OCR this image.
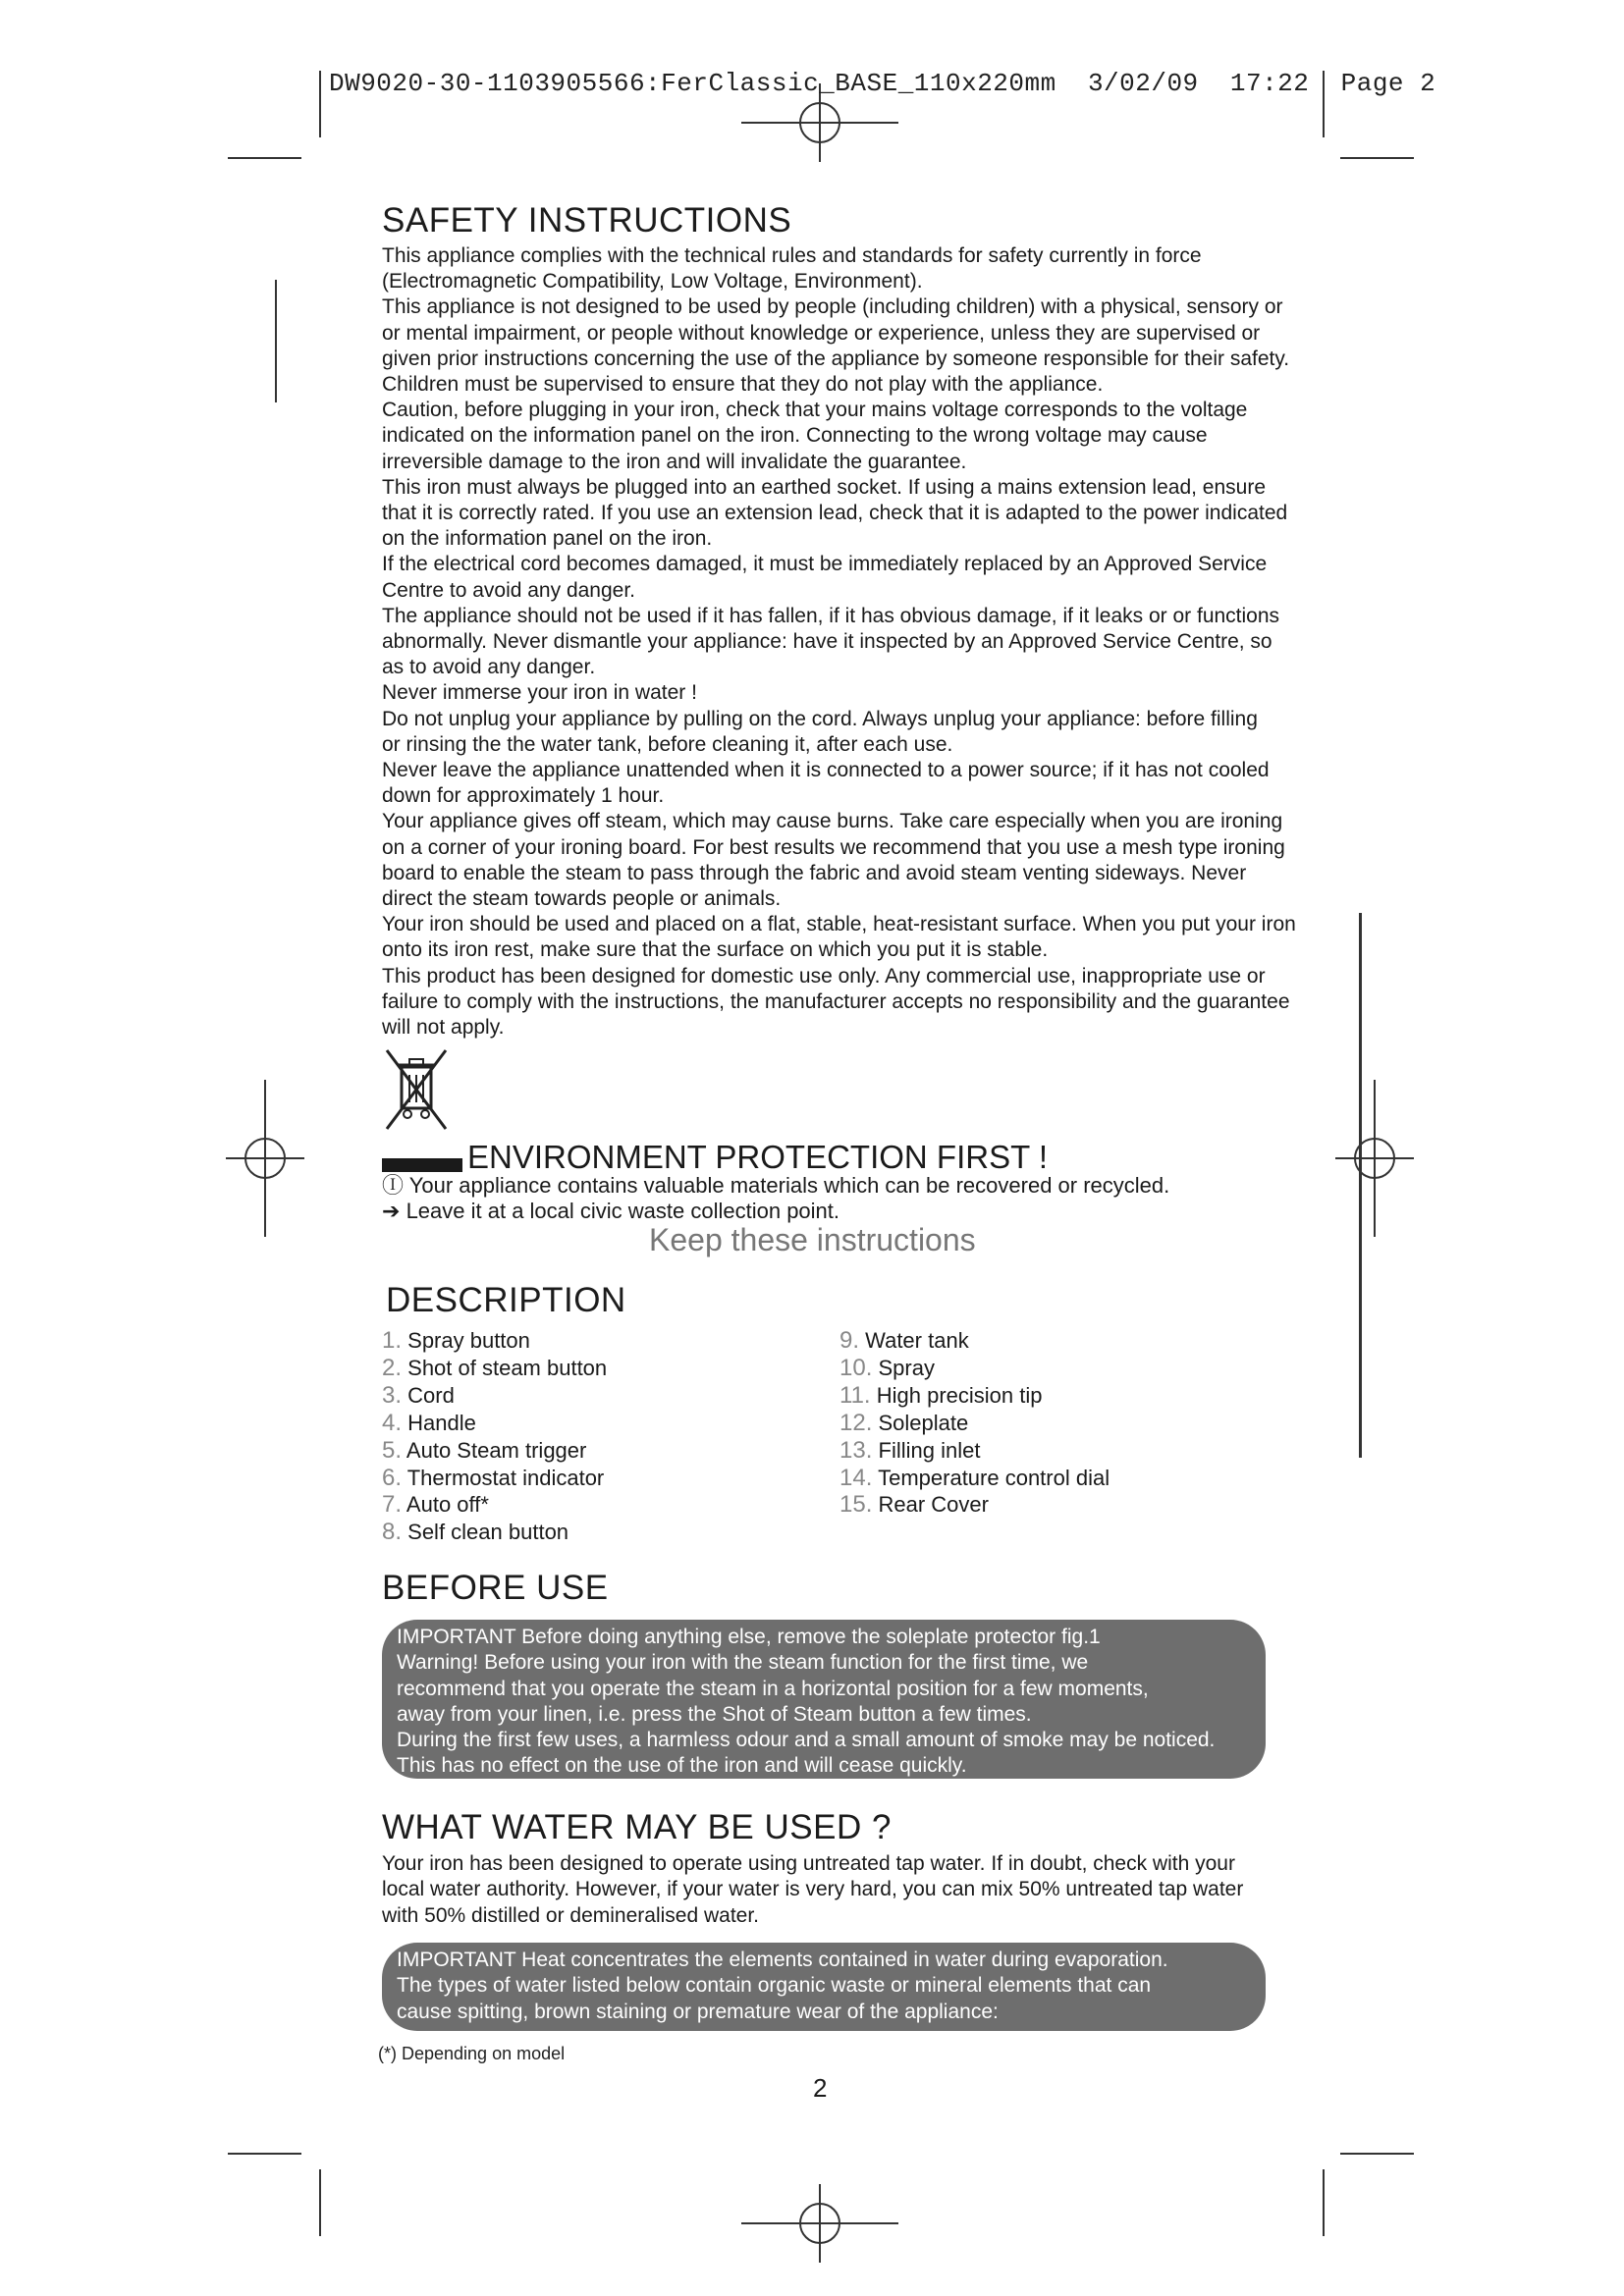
DW9020-30-1103905566:FerClassic_BASE_110x220mm 3/02/09 17:22 Page 2
SAFETY INSTRUCTIONS
This appliance complies with the technical rules and standards for safety currently in force
(Electromagnetic Compatibility, Low Voltage, Environment).
This appliance is not designed to be used by people (including children) with a physical, sensory or
or mental impairment, or people without knowledge or experience, unless they are supervised or
given prior instructions concerning the use of the appliance by someone responsible for their safety.
Children must be supervised to ensure that they do not play with the appliance.
Caution, before plugging in your iron, check that your mains voltage corresponds to the voltage
indicated on the information panel on the iron. Connecting to the wrong voltage may cause
irreversible damage to the iron and will invalidate the guarantee.
This iron must always be plugged into an earthed socket. If using a mains extension lead, ensure
that it is correctly rated. If you use an extension lead, check that it is adapted to the power indicated
on the information panel on the iron.
If the electrical cord becomes damaged, it must be immediately replaced by an Approved Service
Centre to avoid any danger.
The appliance should not be used if it has fallen, if it has obvious damage, if it leaks or or functions
abnormally. Never dismantle your appliance: have it inspected by an Approved Service Centre, so
as to avoid any danger.
Never immerse your iron in water !
Do not unplug your appliance by pulling on the cord. Always unplug your appliance: before filling
or rinsing the the water tank, before cleaning it, after each use.
Never leave the appliance unattended when it is connected to a power source; if it has not cooled
down for approximately 1 hour.
Your appliance gives off steam, which may cause burns. Take care especially when you are ironing
on a corner of your ironing board. For best results we recommend that you use a mesh type ironing
board to enable the steam to pass through the fabric and avoid steam venting sideways. Never
direct the steam towards people or animals.
Your iron should be used and placed on a flat, stable, heat-resistant surface. When you put your iron
onto its iron rest, make sure that the surface on which you put it is stable.
This product has been designed for domestic use only. Any commercial use, inappropriate use or
failure to comply with the instructions, the manufacturer accepts no responsibility and the guarantee
will not apply.
ENVIRONMENT PROTECTION FIRST !
Ⓘ Your appliance contains valuable materials which can be recovered or recycled.
➔ Leave it at a local civic waste collection point.
Keep these instructions
DESCRIPTION
1. Spray button
2. Shot of steam button
3. Cord
4. Handle
5. Auto Steam trigger
6. Thermostat indicator
7. Auto off*
8. Self clean button
9. Water tank
10. Spray
11. High precision tip
12. Soleplate
13. Filling inlet
14. Temperature control dial
15. Rear Cover
BEFORE USE
IMPORTANT Before doing anything else, remove the soleplate protector fig.1
Warning! Before using your iron with the steam function for the first time, we
recommend that you operate the steam in a horizontal position for a few moments,
away from your linen, i.e. press the Shot of Steam button a few times.
During the first few uses, a harmless odour and a small amount of smoke may be noticed.
This has no effect on the use of the iron and will cease quickly.
WHAT WATER MAY BE USED ?
Your iron has been designed to operate using untreated tap water. If in doubt, check with your
local water authority. However, if your water is very hard, you can mix 50% untreated tap water
with 50% distilled or demineralised water.
IMPORTANT Heat concentrates the elements contained in water during evaporation.
The types of water listed below contain organic waste or mineral elements that can
cause spitting, brown staining or premature wear of the appliance:
(*) Depending on model
2
